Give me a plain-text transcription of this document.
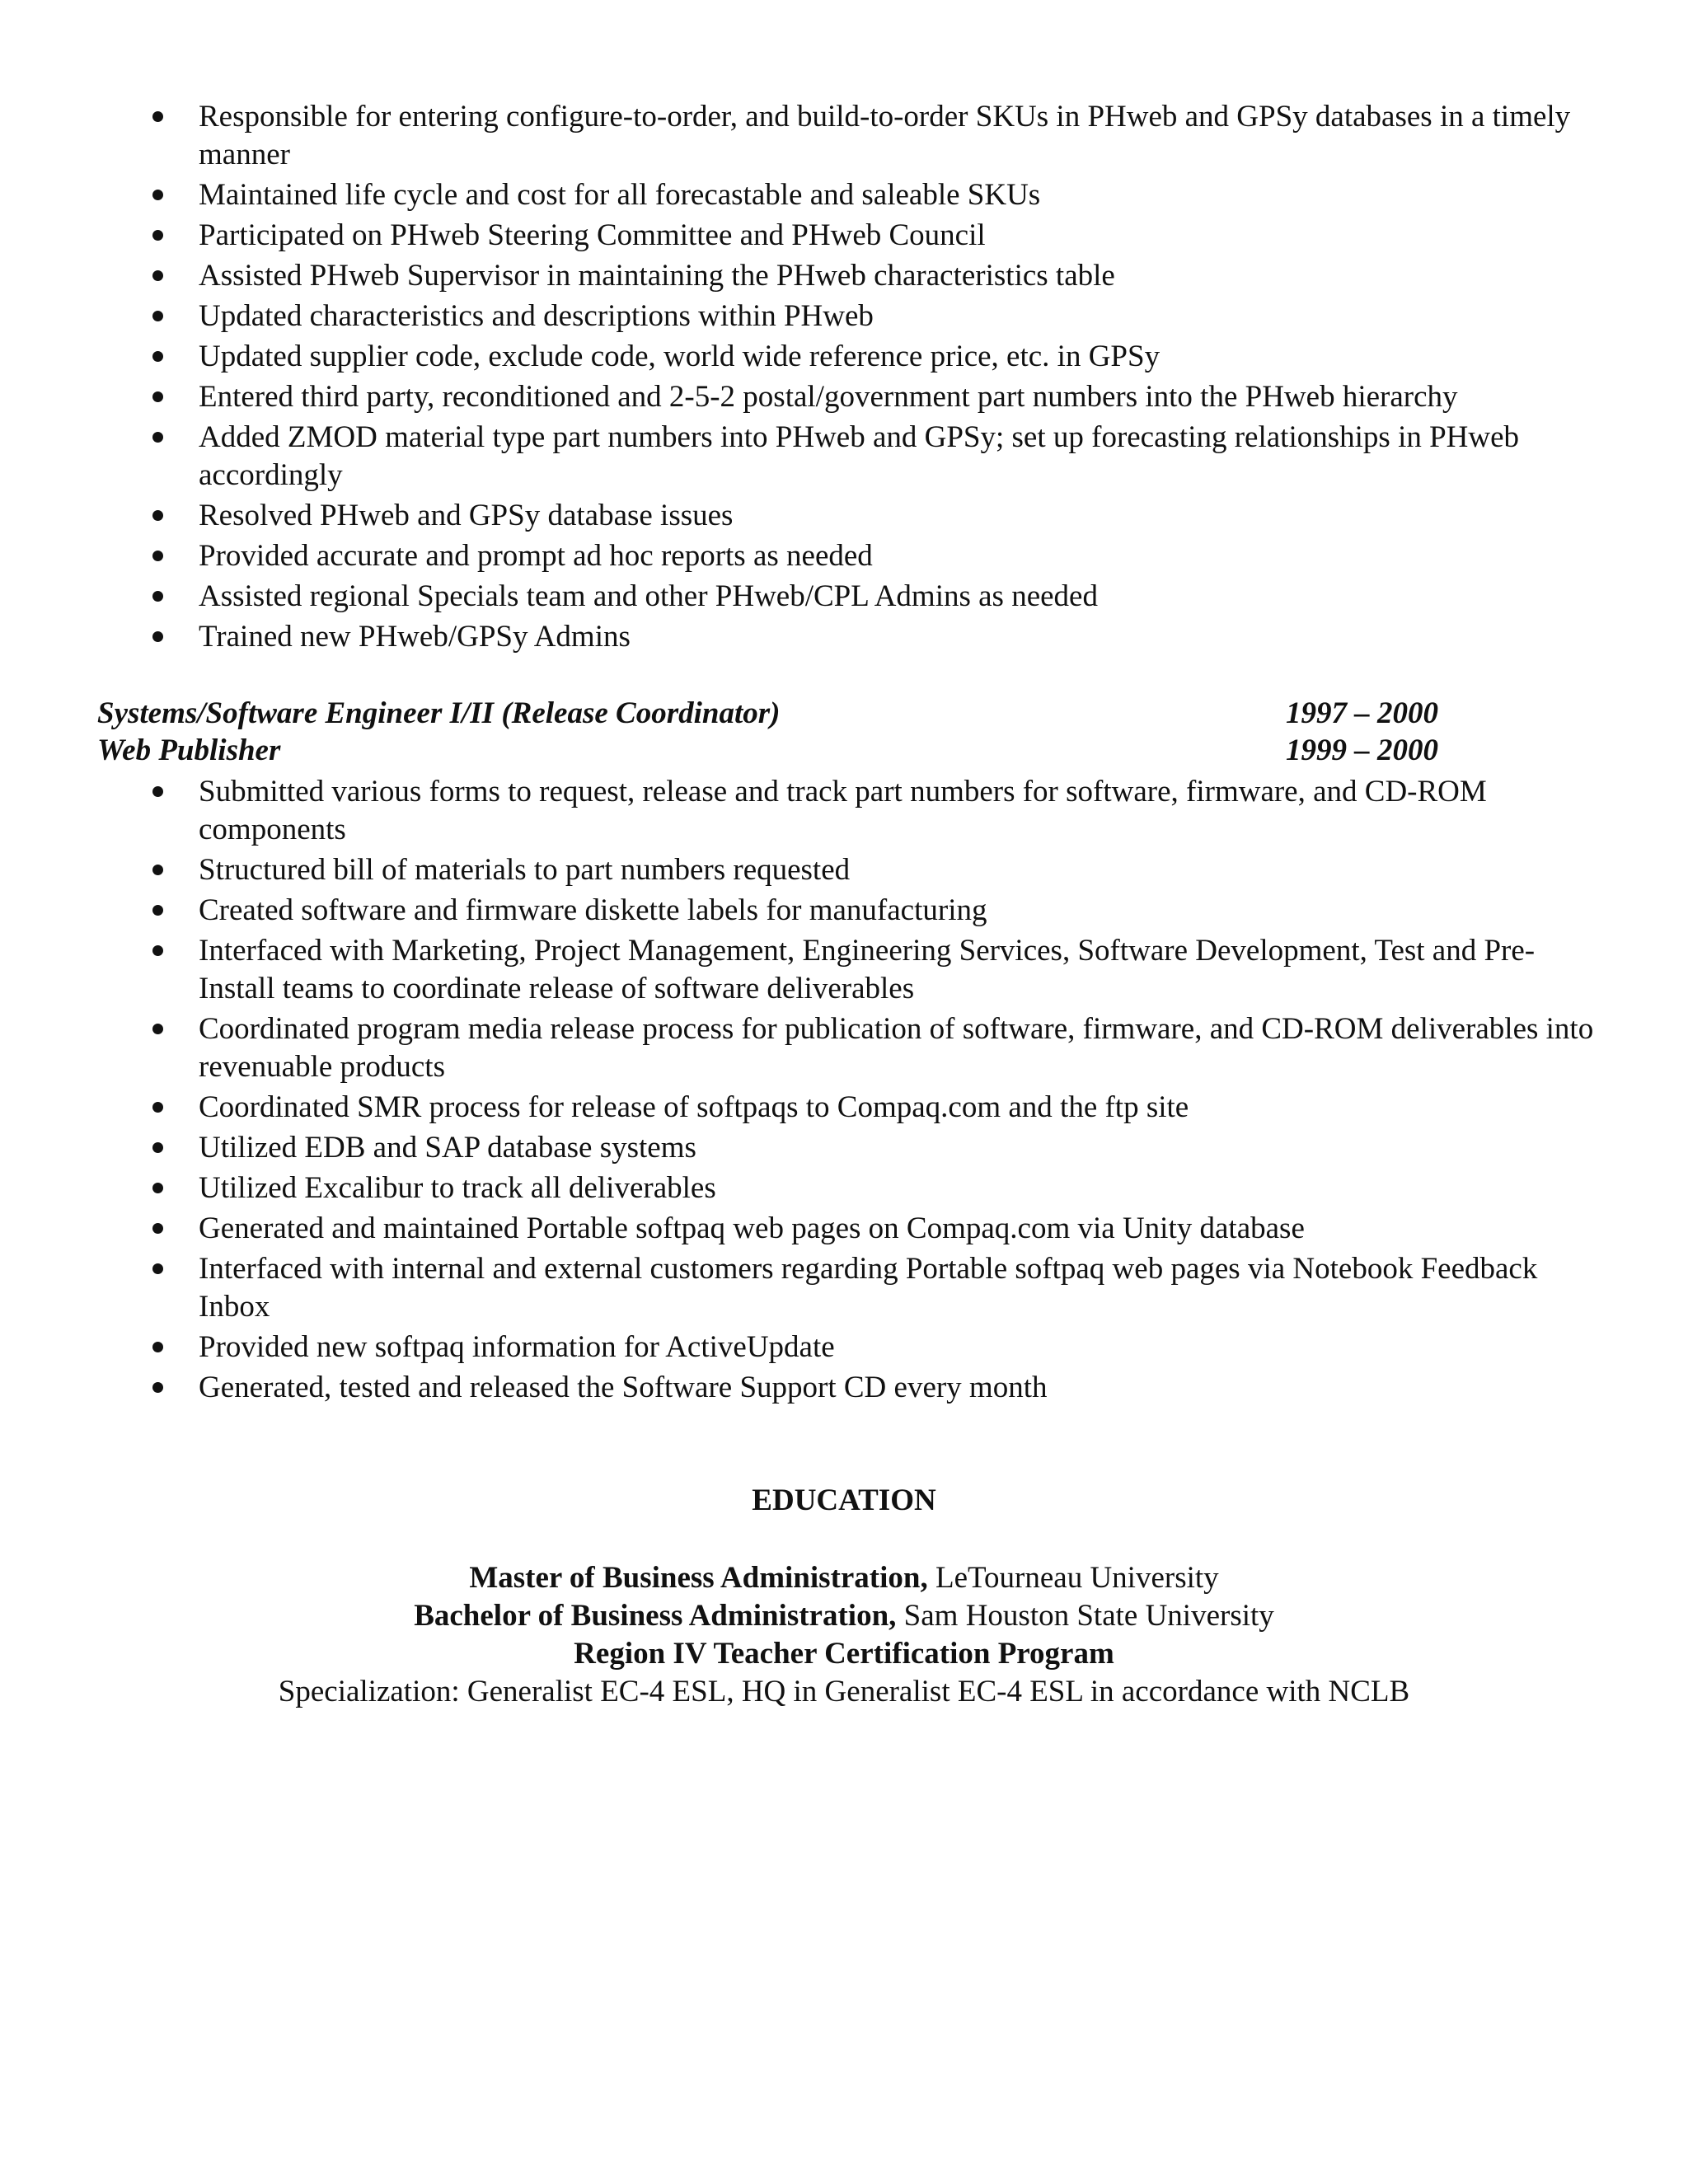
Responsible for entering configure-to-order, and build-to-order SKUs in PHweb and GPSy databases in a timely manner
Maintained life cycle and cost for all forecastable and saleable SKUs
Participated on PHweb Steering Committee and PHweb Council
Assisted PHweb Supervisor in maintaining the PHweb characteristics table
Updated characteristics and descriptions within PHweb
Updated supplier code, exclude code, world wide reference price, etc. in GPSy
Entered third party, reconditioned and 2-5-2 postal/government part numbers into the PHweb hierarchy
Added ZMOD material type part numbers into PHweb and GPSy; set up forecasting relationships in PHweb accordingly
Resolved PHweb and GPSy database issues
Provided accurate and prompt ad hoc reports as needed
Assisted regional Specials team and other PHweb/CPL Admins as needed
Trained new PHweb/GPSy Admins
Systems/Software Engineer I/II (Release Coordinator)	1997 – 2000
Web Publisher	1999 – 2000
Submitted various forms to request, release and track part numbers for software, firmware, and CD-ROM components
Structured bill of materials to part numbers requested
Created software and firmware diskette labels for manufacturing
Interfaced with Marketing, Project Management, Engineering Services, Software Development, Test and Pre-Install teams to coordinate release of software deliverables
Coordinated program media release process for publication of software, firmware, and CD-ROM deliverables into revenuable products
Coordinated SMR process for release of softpaqs to Compaq.com and the ftp site
Utilized EDB and SAP database systems
Utilized Excalibur to track all deliverables
Generated and maintained Portable softpaq web pages on Compaq.com via Unity database
Interfaced with internal and external customers regarding Portable softpaq web pages via Notebook Feedback Inbox
Provided new softpaq information for ActiveUpdate
Generated, tested and released the Software Support CD every month
EDUCATION
Master of Business Administration, LeTourneau University
Bachelor of Business Administration, Sam Houston State University
Region IV Teacher Certification Program
Specialization: Generalist EC-4 ESL, HQ in Generalist EC-4 ESL in accordance with NCLB
